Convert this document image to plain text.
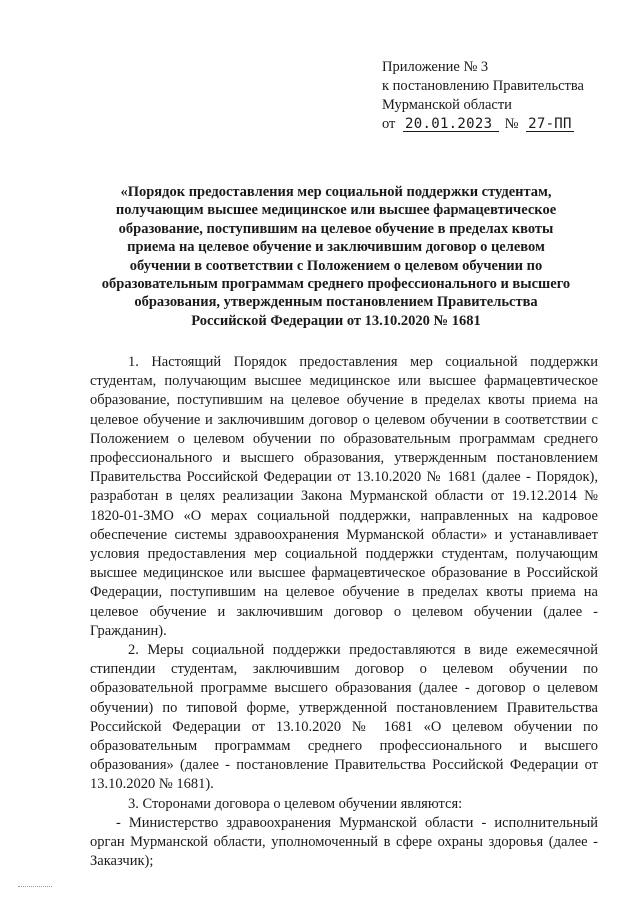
Приложение № 3
к постановлению Правительства
Мурманской области
от 20.01.2023 № 27-ПП
«Порядок предоставления мер социальной поддержки студентам, получающим высшее медицинское или высшее фармацевтическое образование, поступившим на целевое обучение в пределах квоты приема на целевое обучение и заключившим договор о целевом обучении в соответствии с Положением о целевом обучении по образовательным программам среднего профессионального и высшего образования, утвержденным постановлением Правительства Российской Федерации от 13.10.2020 № 1681

1. Настоящий Порядок предоставления мер социальной поддержки студентам, получающим высшее медицинское или высшее фармацевтическое образование, поступившим на целевое обучение в пределах квоты приема на целевое обучение и заключившим договор о целевом обучении в соответствии с Положением о целевом обучении по образовательным программам среднего профессионального и высшего образования, утвержденным постановлением Правительства Российской Федерации от 13.10.2020 № 1681 (далее - Порядок), разработан в целях реализации Закона Мурманской области от 19.12.2014 № 1820-01-ЗМО «О мерах социальной поддержки, направленных на кадровое обеспечение системы здравоохранения Мурманской области» и устанавливает условия предоставления мер социальной поддержки студентам, получающим высшее медицинское или высшее фармацевтическое образование в Российской Федерации, поступившим на целевое обучение в пределах квоты приема на целевое обучение и заключившим договор о целевом обучении (далее - Гражданин).

2. Меры социальной поддержки предоставляются в виде ежемесячной стипендии студентам, заключившим договор о целевом обучении по образовательной программе высшего образования (далее - договор о целевом обучении) по типовой форме, утвержденной постановлением Правительства Российской Федерации от 13.10.2020 № 1681 «О целевом обучении по образовательным программам среднего профессионального и высшего образования» (далее - постановление Правительства Российской Федерации от 13.10.2020 № 1681).

3. Сторонами договора о целевом обучении являются:

- Министерство здравоохранения Мурманской области - исполнительный орган Мурманской области, уполномоченный в сфере охраны здоровья (далее - Заказчик);
